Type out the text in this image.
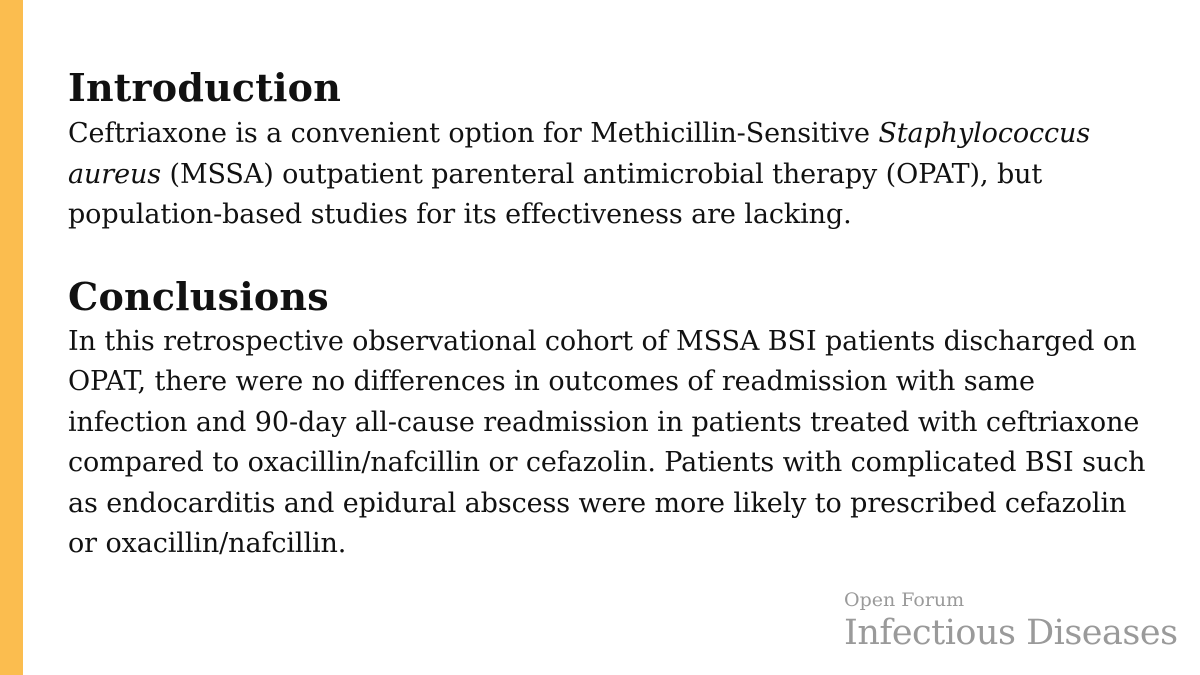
Introduction

Ceftriaxone is a convenient option for Methicillin-Sensitive Staphylococcus aureus (MSSA) outpatient parenteral antimicrobial therapy (OPAT), but population-based studies for its effectiveness are lacking.

Conclusions

In this retrospective observational cohort of MSSA BSI patients discharged on OPAT, there were no differences in outcomes of readmission with same infection and 90-day all-cause readmission in patients treated with ceftriaxone compared to oxacillin/nafcillin or cefazolin. Patients with complicated BSI such as endocarditis and epidural abscess were more likely to prescribed cefazolin or oxacillin/nafcillin.

Open Forum
Infectious Diseases
